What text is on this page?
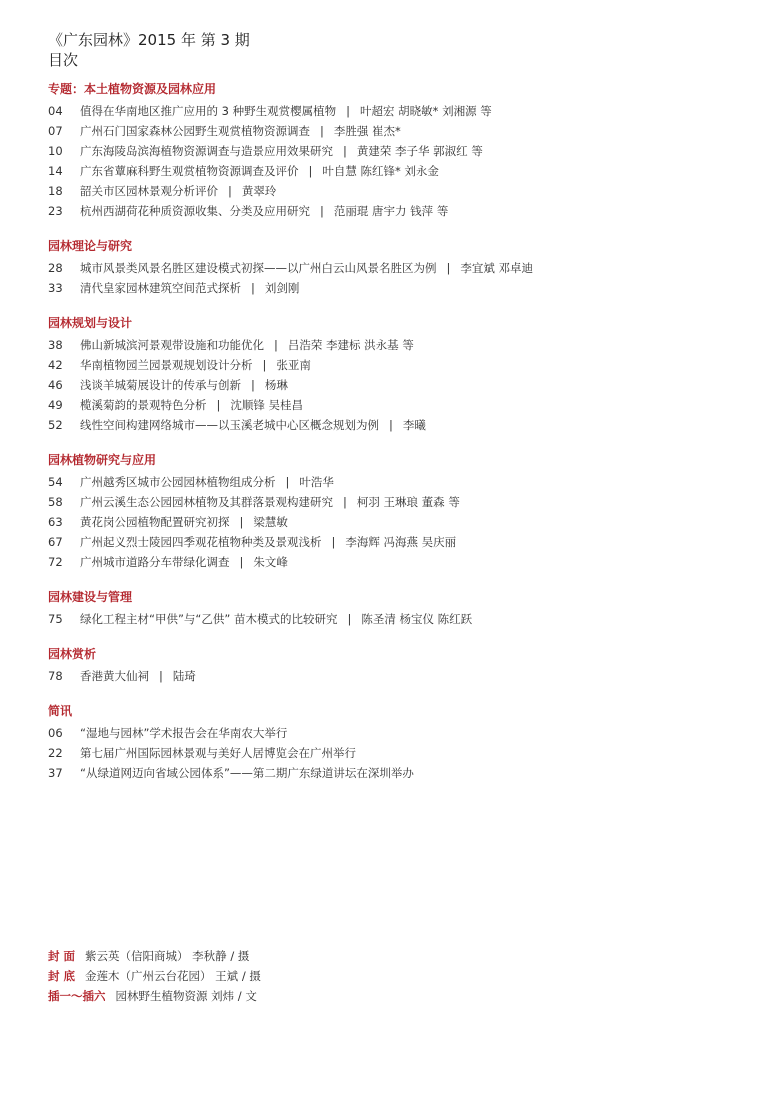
《广东园林》2015 年 第 3 期

目次

专题：本土植物资源及园林应用
04	值得在华南地区推广应用的 3 种野生观赏樱属植物 | 叶超宏 胡晓敏* 刘湘源 等
07	广州石门国家森林公园野生观赏植物资源调查 | 李胜强 崔杰*
10	广东海陵岛滨海植物资源调查与造景应用效果研究 | 黄建荣 李子华 郭淑红 等
14	广东省蕈麻科野生观赏植物资源调查及评价 | 叶自慧 陈红锋* 刘永金
18	韶关市区园林景观分析评价 | 黄翠玲
23	杭州西湖荷花种质资源收集、分类及应用研究 | 范丽琨 唐宇力 钱萍 等
园林理论与研究
28	城市风景类风景名胜区建设模式初探——以广州白云山风景名胜区为例 | 李宜斌 邓卓迪
33	清代皇家园林建筑空间范式探析 | 刘剑刚
园林规划与设计
38	佛山新城滨河景观带设施和功能优化 | 吕浩荣 李建标 洪永基 等
42	华南植物园兰园景观规划设计分析 | 张亚南
46	浅谈羊城菊展设计的传承与创新 | 杨琳
49	榄溪菊韵的景观特色分析 | 沈顺锋 吴桂昌
52	线性空间构建网络城市——以玉溪老城中心区概念规划为例 | 李曦
园林植物研究与应用
54	广州越秀区城市公园园林植物组成分析 | 叶浩华
58	广州云溪生态公园园林植物及其群落景观构建研究 | 柯羽 王琳琅 董森 等
63	黄花岗公园植物配置研究初探 | 梁慧敏
67	广州起义烈士陵园四季观花植物种类及景观浅析 | 李海辉 冯海燕 吴庆丽
72	广州城市道路分车带绿化调查 | 朱文峰
园林建设与管理
75	绿化工程主材“甲供”与“乙供” 苗木模式的比较研究 | 陈圣清 杨宝仪 陈红跃
园林赏析
78	香港黄大仙祠 | 陆琦
简讯
06	“湿地与园林”学术报告会在华南农大举行
22	第七届广州国际园林景观与美好人居博览会在广州举行
37	“从绿道网迈向省域公园体系”——第二期广东绿道讲坛在深圳举办
封 面 紫云英（信阳商城） 李秋静 / 摄
封 底 金莲木（广州云台花园） 王斌 / 摄
插一～插六 园林野生植物资源 刘炜 / 文
